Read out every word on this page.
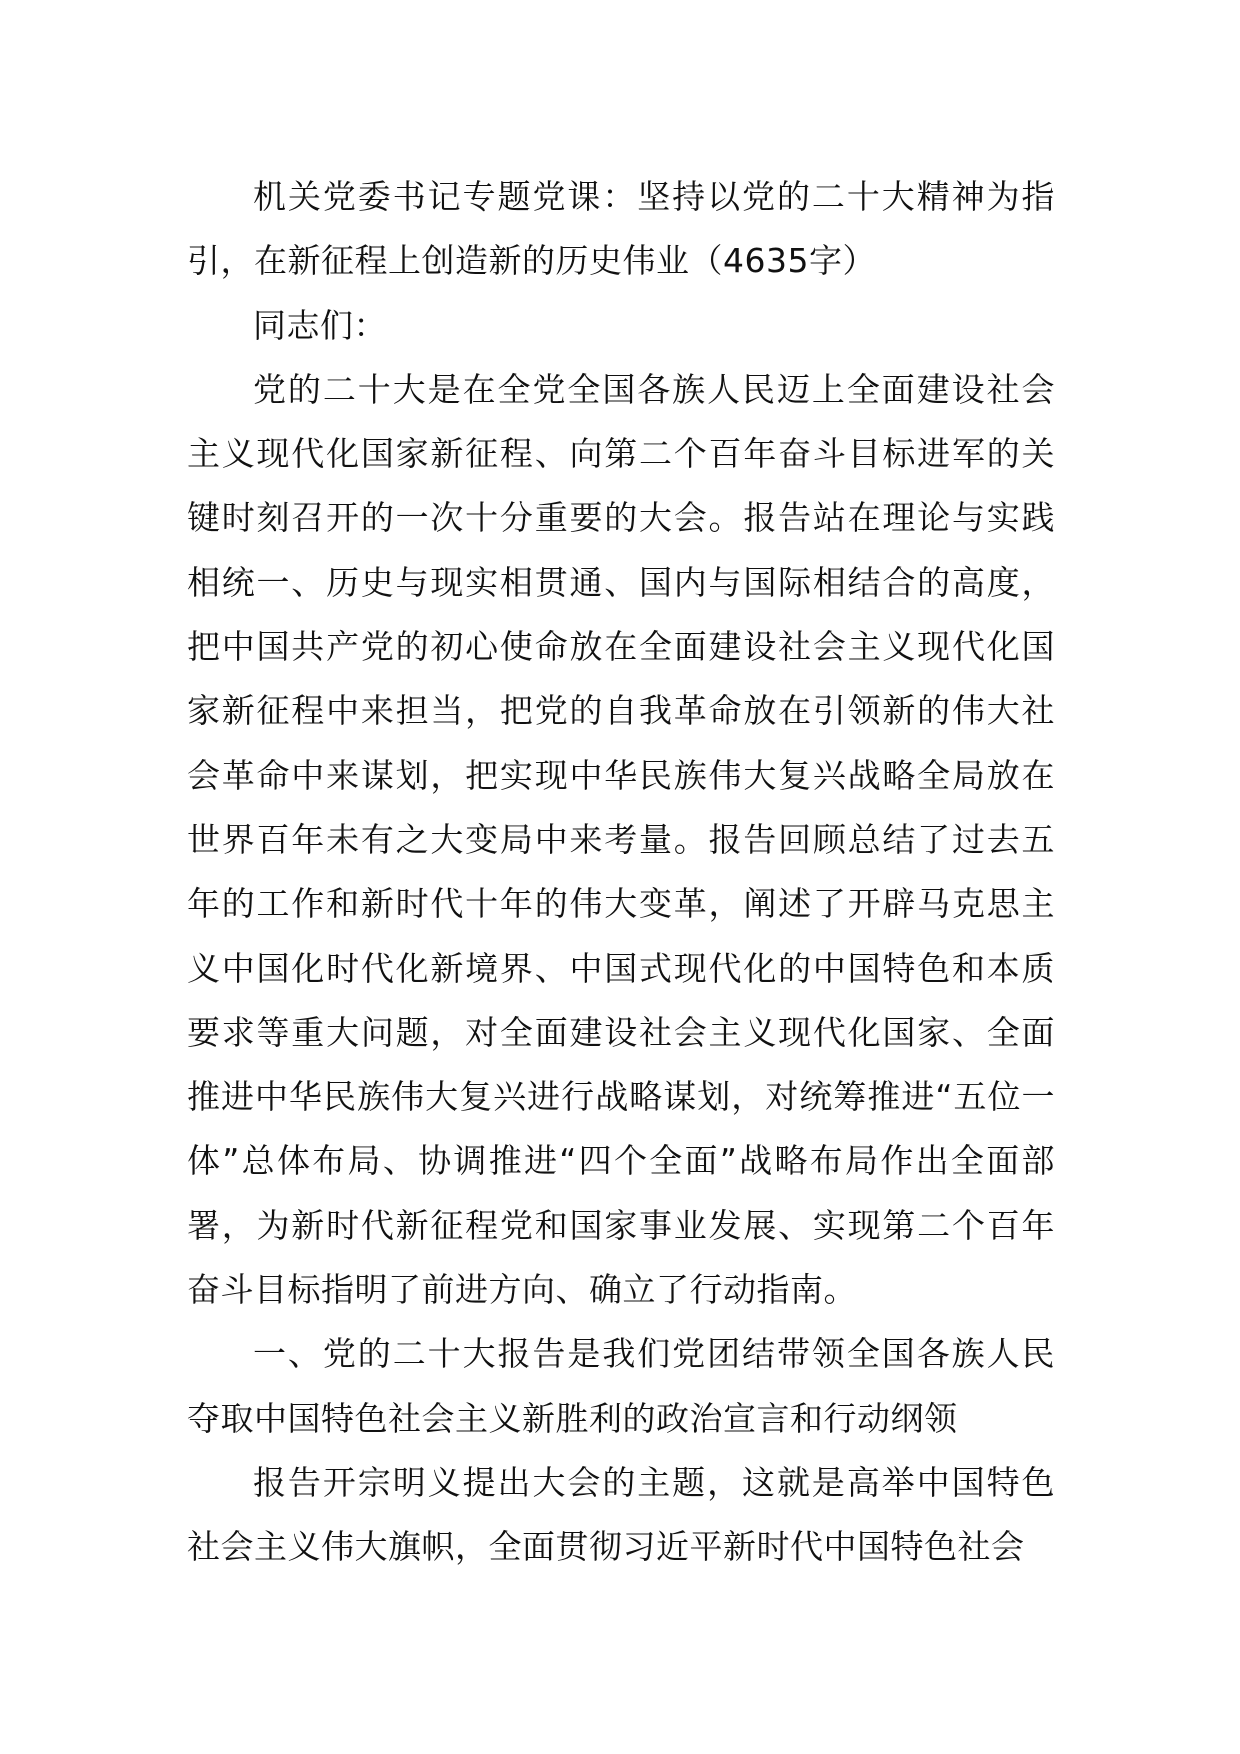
机关党委书记专题党课：坚持以党的二十大精神为指引，在新征程上创造新的历史伟业（4635字）

同志们：

党的二十大是在全党全国各族人民迈上全面建设社会主义现代化国家新征程、向第二个百年奋斗目标进军的关键时刻召开的一次十分重要的大会。报告站在理论与实践相统一、历史与现实相贯通、国内与国际相结合的高度，把中国共产党的初心使命放在全面建设社会主义现代化国家新征程中来担当，把党的自我革命放在引领新的伟大社会革命中来谋划，把实现中华民族伟大复兴战略全局放在世界百年未有之大变局中来考量。报告回顾总结了过去五年的工作和新时代十年的伟大变革，阐述了开辟马克思主义中国化时代化新境界、中国式现代化的中国特色和本质要求等重大问题，对全面建设社会主义现代化国家、全面推进中华民族伟大复兴进行战略谋划，对统筹推进“五位一体”总体布局、协调推进“四个全面”战略布局作出全面部署，为新时代新征程党和国家事业发展、实现第二个百年奋斗目标指明了前进方向、确立了行动指南。

一、党的二十大报告是我们党团结带领全国各族人民夺取中国特色社会主义新胜利的政治宣言和行动纲领

报告开宗明义提出大会的主题，这就是高举中国特色社会主义伟大旗帜，全面贯彻习近平新时代中国特色社会
